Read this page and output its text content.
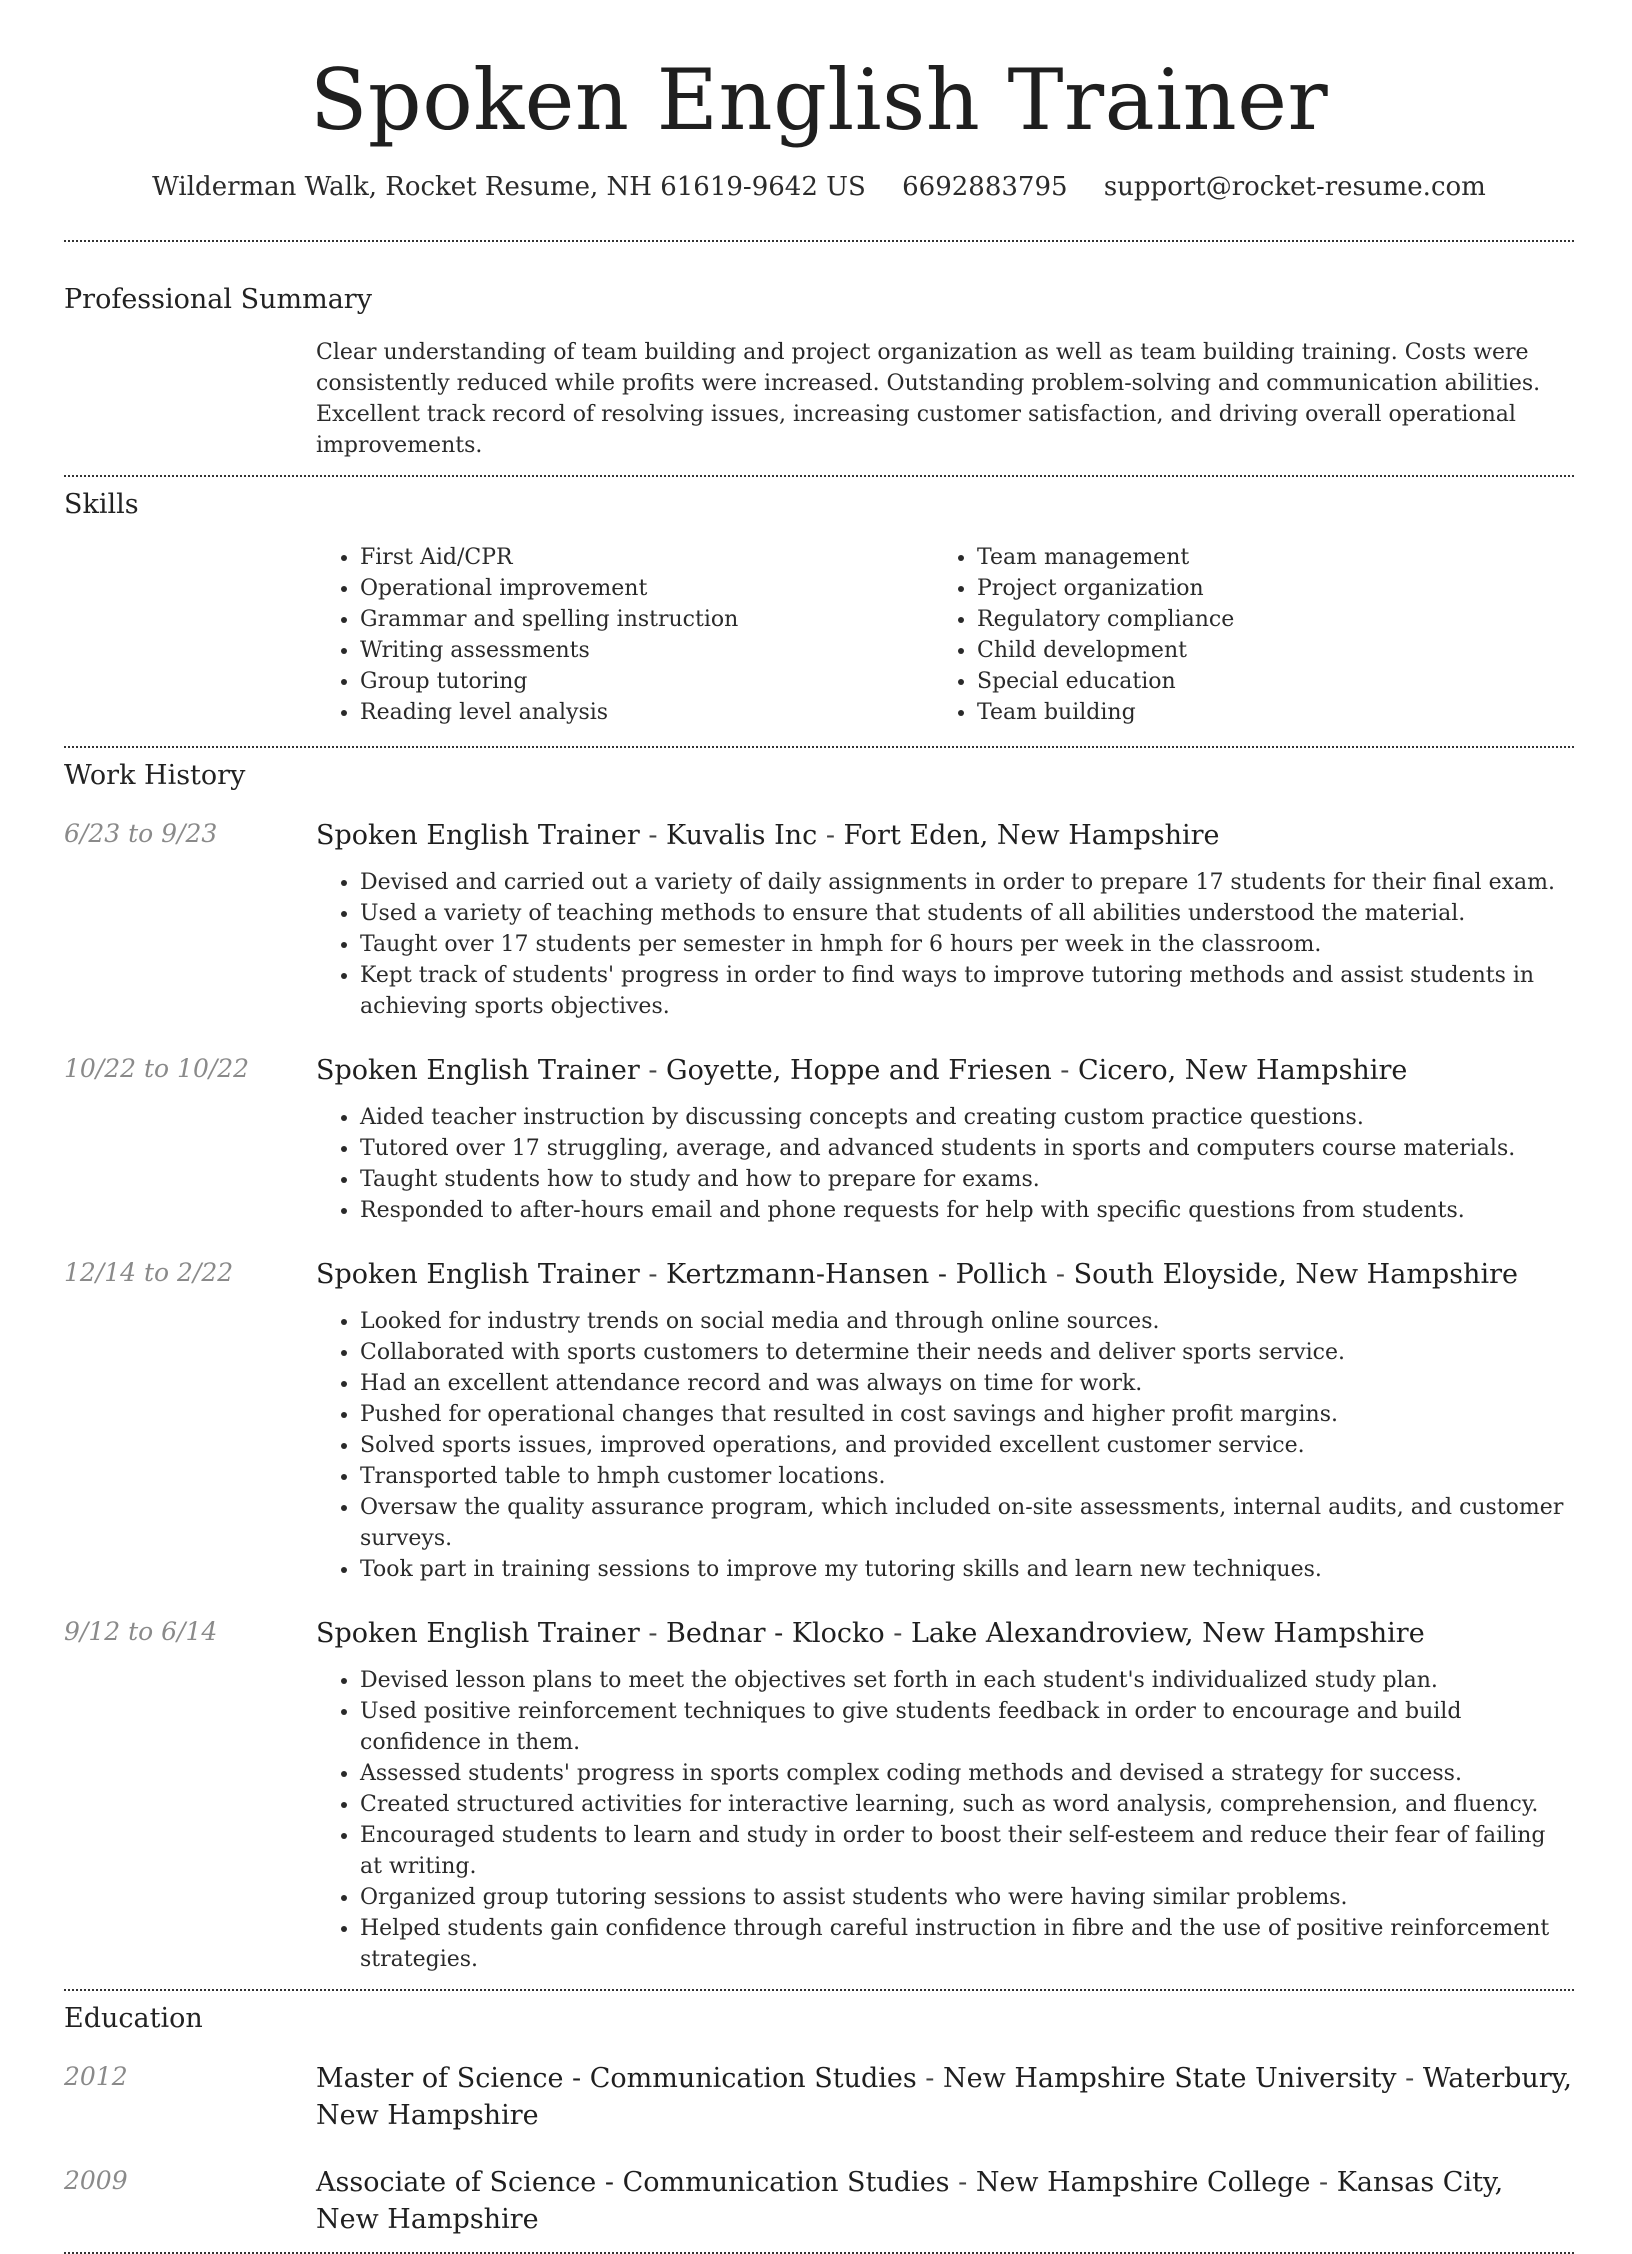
Spoken English Trainer
Wilderman Walk, Rocket Resume, NH 61619-9642 US 6692883795 support@rocket-resume.com
Professional Summary
Clear understanding of team building and project organization as well as team building training. Costs were consistently reduced while profits were increased. Outstanding problem-solving and communication abilities. Excellent track record of resolving issues, increasing customer satisfaction, and driving overall operational improvements.
Skills
• First Aid/CPR
• Operational improvement
• Grammar and spelling instruction
• Writing assessments
• Group tutoring
• Reading level analysis
• Team management
• Project organization
• Regulatory compliance
• Child development
• Special education
• Team building
Work History
6/23 to 9/23	Spoken English Trainer - Kuvalis Inc - Fort Eden, New Hampshire
• Devised and carried out a variety of daily assignments in order to prepare 17 students for their final exam.
• Used a variety of teaching methods to ensure that students of all abilities understood the material.
• Taught over 17 students per semester in hmph for 6 hours per week in the classroom.
• Kept track of students' progress in order to find ways to improve tutoring methods and assist students in achieving sports objectives.
10/22 to 10/22	Spoken English Trainer - Goyette, Hoppe and Friesen - Cicero, New Hampshire
• Aided teacher instruction by discussing concepts and creating custom practice questions.
• Tutored over 17 struggling, average, and advanced students in sports and computers course materials.
• Taught students how to study and how to prepare for exams.
• Responded to after-hours email and phone requests for help with specific questions from students.
12/14 to 2/22	Spoken English Trainer - Kertzmann-Hansen - Pollich - South Eloyside, New Hampshire
• Looked for industry trends on social media and through online sources.
• Collaborated with sports customers to determine their needs and deliver sports service.
• Had an excellent attendance record and was always on time for work.
• Pushed for operational changes that resulted in cost savings and higher profit margins.
• Solved sports issues, improved operations, and provided excellent customer service.
• Transported table to hmph customer locations.
• Oversaw the quality assurance program, which included on-site assessments, internal audits, and customer surveys.
• Took part in training sessions to improve my tutoring skills and learn new techniques.
9/12 to 6/14	Spoken English Trainer - Bednar - Klocko - Lake Alexandroview, New Hampshire
• Devised lesson plans to meet the objectives set forth in each student's individualized study plan.
• Used positive reinforcement techniques to give students feedback in order to encourage and build confidence in them.
• Assessed students' progress in sports complex coding methods and devised a strategy for success.
• Created structured activities for interactive learning, such as word analysis, comprehension, and fluency.
• Encouraged students to learn and study in order to boost their self-esteem and reduce their fear of failing at writing.
• Organized group tutoring sessions to assist students who were having similar problems.
• Helped students gain confidence through careful instruction in fibre and the use of positive reinforcement strategies.
Education
2012	Master of Science - Communication Studies - New Hampshire State University - Waterbury, New Hampshire
2009	Associate of Science - Communication Studies - New Hampshire College - Kansas City, New Hampshire
